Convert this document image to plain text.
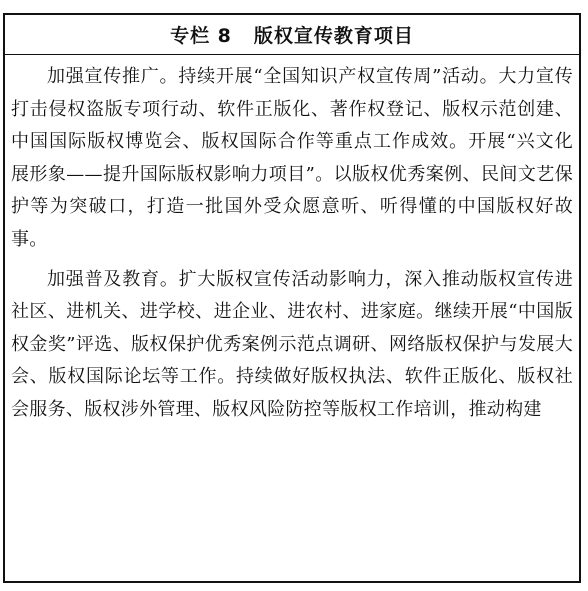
专栏 8 版权宣传教育项目

加强宣传推广。持续开展“全国知识产权宣传周”活动。大力宣传打击侵权盗版专项行动、软件正版化、著作权登记、版权示范创建、中国国际版权博览会、版权国际合作等重点工作成效。开展“兴文化 展形象——提升国际版权影响力项目”。以版权优秀案例、民间文艺保护等为突破口，打造一批国外受众愿意听、听得懂的中国版权好故事。

加强普及教育。扩大版权宣传活动影响力，深入推动版权宣传进社区、进机关、进学校、进企业、进农村、进家庭。继续开展“中国版权金奖”评选、版权保护优秀案例示范点调研、网络版权保护与发展大会、版权国际论坛等工作。持续做好版权执法、软件正版化、版权社会服务、版权涉外管理、版权风险防控等版权工作培训，推动构建
